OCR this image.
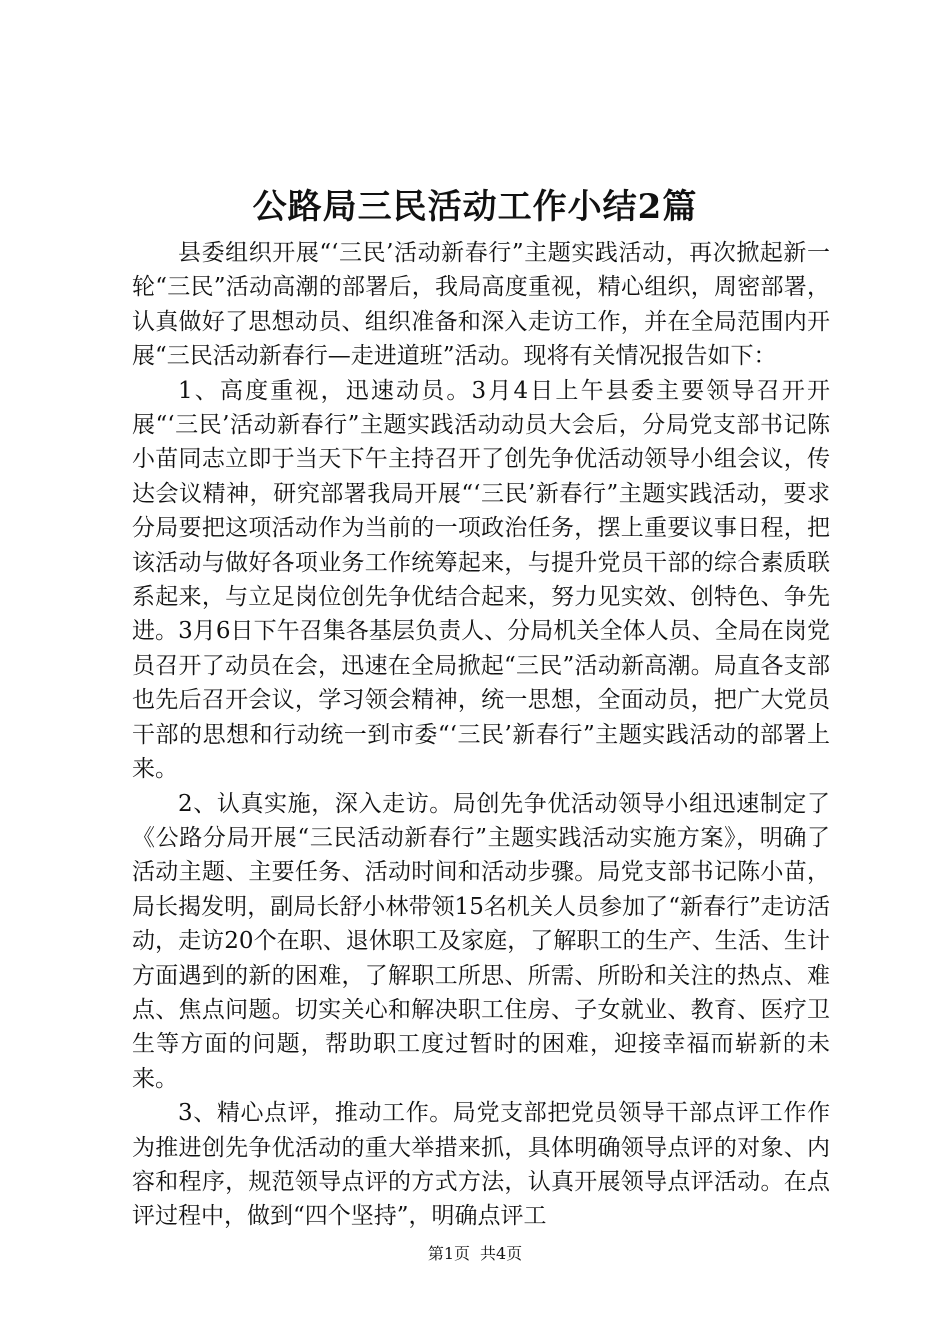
公路局三民活动工作小结2篇

县委组织开展“‘三民’活动新春行”主题实践活动，再次掀起新一轮“三民”活动高潮的部署后，我局高度重视，精心组织，周密部署，认真做好了思想动员、组织准备和深入走访工作，并在全局范围内开展“三民活动新春行—走进道班”活动。现将有关情况报告如下：

1、高度重视，迅速动员。3月4日上午县委主要领导召开开展“‘三民’活动新春行”主题实践活动动员大会后，分局党支部书记陈小苗同志立即于当天下午主持召开了创先争优活动领导小组会议，传达会议精神，研究部署我局开展“‘三民’新春行”主题实践活动，要求分局要把这项活动作为当前的一项政治任务，摆上重要议事日程，把该活动与做好各项业务工作统筹起来，与提升党员干部的综合素质联系起来，与立足岗位创先争优结合起来，努力见实效、创特色、争先进。3月6日下午召集各基层负责人、分局机关全体人员、全局在岗党员召开了动员在会，迅速在全局掀起“三民”活动新高潮。局直各支部也先后召开会议，学习领会精神，统一思想，全面动员，把广大党员干部的思想和行动统一到市委“‘三民’新春行”主题实践活动的部署上来。

2、认真实施，深入走访。局创先争优活动领导小组迅速制定了《公路分局开展“三民活动新春行”主题实践活动实施方案》，明确了活动主题、主要任务、活动时间和活动步骤。局党支部书记陈小苗，局长揭发明，副局长舒小林带领15名机关人员参加了“新春行”走访活动，走访20个在职、退休职工及家庭，了解职工的生产、生活、生计方面遇到的新的困难，了解职工所思、所需、所盼和关注的热点、难点、焦点问题。切实关心和解决职工住房、子女就业、教育、医疗卫生等方面的问题，帮助职工度过暂时的困难，迎接幸福而崭新的未来。

3、精心点评，推动工作。局党支部把党员领导干部点评工作作为推进创先争优活动的重大举措来抓，具体明确领导点评的对象、内容和程序，规范领导点评的方式方法，认真开展领导点评活动。在点评过程中，做到“四个坚持”，明确点评工

第1页 共4页
